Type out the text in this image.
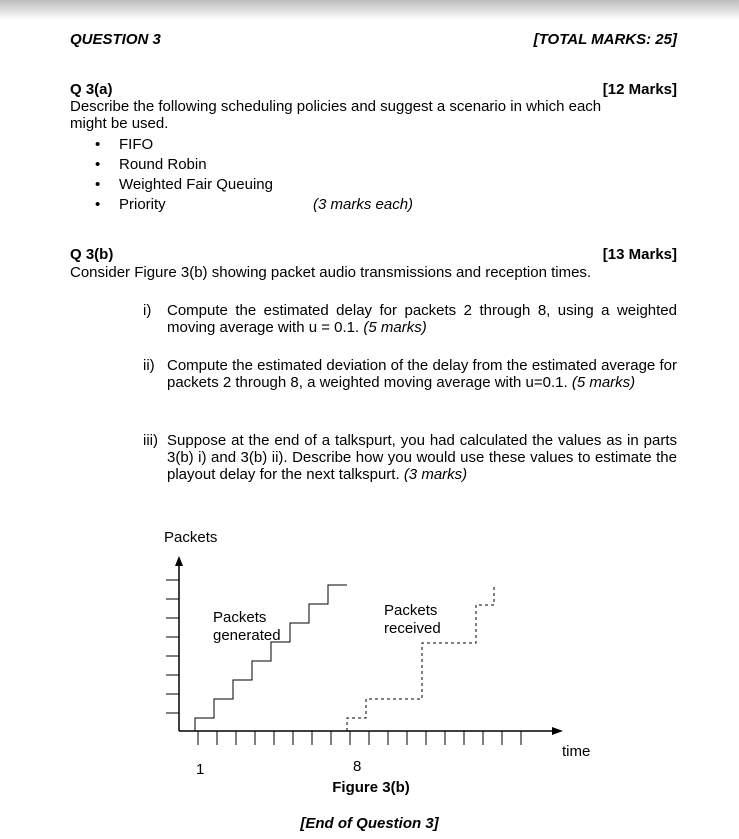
QUESTION 3	[TOTAL MARKS: 25]
Q 3(a)	[12 Marks]
Describe the following scheduling policies and suggest a scenario in which each
might be used.
• FIFO
• Round Robin
• Weighted Fair Queuing
• Priority	(3 marks each)
Q 3(b)	[13 Marks]
Consider Figure 3(b) showing packet audio transmissions and reception times.
i) Compute the estimated delay for packets 2 through 8, using a weighted moving average with u = 0.1. (5 marks)
ii) Compute the estimated deviation of the delay from the estimated average for packets 2 through 8, a weighted moving average with u=0.1. (5 marks)
iii) Suppose at the end of a talkspurt, you had calculated the values as in parts 3(b) i) and 3(b) ii). Describe how you would use these values to estimate the playout delay for the next talkspurt. (3 marks)
Packets
time
1	8
Packets
generated
Packets
received
Figure 3(b)
[End of Question 3]
